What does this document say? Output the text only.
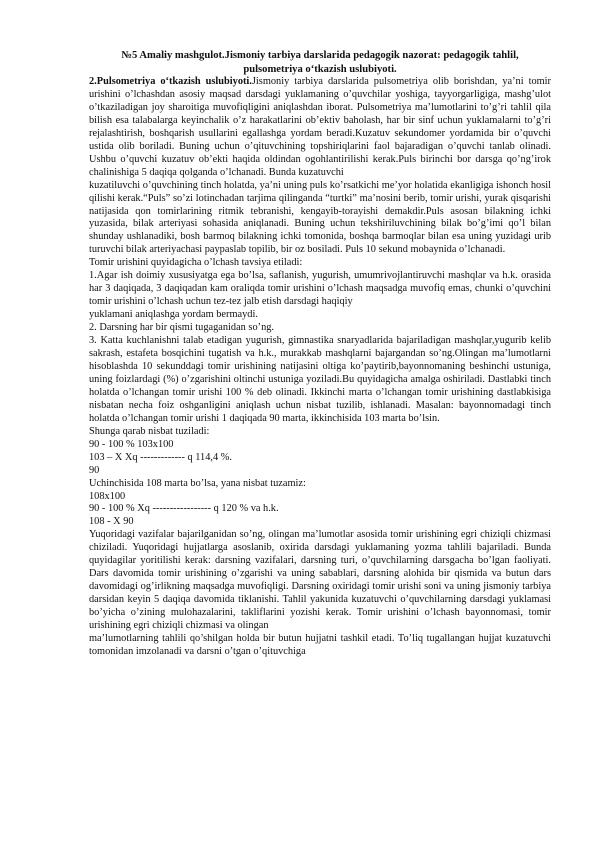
№5 Amaliy mashgulot.Jismoniy tarbiya darslarida pedagogik nazorat: pedagogik tahlil,
pulsometriya o‘tkazish uslubiyoti.

2.Pulsometriya o‘tkazish uslubiyoti.Jismoniy tarbiya darslarida pulsometriya olib borishdan, ya’ni tomir urishini o’lchashdan asosiy maqsad darsdagi yuklamaning o’quvchilar yoshiga, tayyorgarligiga, mashg’ulot o’tkaziladigan joy sharoitiga muvofiqligini aniqlashdan iborat. Pulsometriya ma’lumotlarini to’g’ri tahlil qila bilish esa talabalarga keyinchalik o’z harakatlarini ob’ektiv baholash, har bir sinf uchun yuklamalarni to’g’ri rejalashtirish, boshqarish usullarini egallashga yordam beradi.Kuzatuv sekundomer yordamida bir o’quvchi ustida olib boriladi. Buning uchun o’qituvchining topshiriqlarini faol bajaradigan o’quvchi tanlab olinadi. Ushbu o’quvchi kuzatuv ob’ekti haqida oldindan ogohlantirilishi kerak.Puls birinchi bor darsga qo’ng’irok chalinishiga 5 daqiqa qolganda o’lchanadi. Bunda kuzatuvchi

kuzatiluvchi o’quvchining tinch holatda, ya’ni uning puls ko’rsatkichi me’yor holatida ekanligiga ishonch hosil qilishi kerak.“Puls” so’zi lotinchadan tarjima qilinganda “turtki” ma’nosini berib, tomir urishi, yurak qisqarishi natijasida qon tomirlarining ritmik tebranishi, kengayib-torayishi demakdir.Puls asosan bilakning ichki yuzasida, bilak arteriyasi sohasida aniqlanadi. Buning uchun tekshiriluvchining bilak bo’g’imi qo’l bilan shunday ushlanadiki, bosh barmoq bilakning ichki tomonida, boshqa barmoqlar bilan esa uning yuzidagi urib turuvchi bilak arteriyachasi paypaslab topilib, bir oz bosiladi. Puls 10 sekund mobaynida o’lchanadi.

Tomir urishini quyidagicha o’lchash tavsiya etiladi:

1.Agar ish doimiy xususiyatga ega bo’lsa, saflanish, yugurish, umumrivojlantiruvchi mashqlar va h.k. orasida har 3 daqiqada, 3 daqiqadan kam oraliqda tomir urishini o’lchash maqsadga muvofiq emas, chunki o’quvchini tomir urishini o’lchash uchun tez-tez jalb etish darsdagi haqiqiy

yuklamani aniqlashga yordam bermaydi.

2. Darsning har bir qismi tugaganidan so’ng.

3. Katta kuchlanishni talab etadigan yugurish, gimnastika snaryadlarida bajariladigan mashqlar,yugurib kelib sakrash, estafeta bosqichini tugatish va h.k., murakkab mashqlarni bajargandan so’ng.Olingan ma’lumotlarni hisoblashda 10 sekunddagi tomir urishining natijasini oltiga ko’paytirib,bayonnomaning beshinchi ustuniga, uning foizlardagi (%) o’zgarishini oltinchi ustuniga yoziladi.Bu quyidagicha amalga oshiriladi. Dastlabki tinch holatda o’lchangan tomir urishi 100 % deb olinadi. Ikkinchi marta o’lchangan tomir urishining dastlabkisiga nisbatan necha foiz oshganligini aniqlash uchun nisbat tuzilib, ishlanadi. Masalan: bayonnomadagi tinch holatda o’lchangan tomir urishi 1 daqiqada 90 marta, ikkinchisida 103 marta bo’lsin.

Shunga qarab nisbat tuziladi:

90 - 100 % 103x100

103 – X Xq ------------- q 114,4 %.

90

Uchinchisida 108 marta bo’lsa, yana nisbat tuzamiz:

108x100

90 - 100 % Xq ----------------- q 120 % va h.k.

108 - X 90

Yuqoridagi vazifalar bajarilganidan so’ng, olingan ma’lumotlar asosida tomir urishining egri chiziqli chizmasi chiziladi. Yuqoridagi hujjatlarga asoslanib, oxirida darsdagi yuklamaning yozma tahlili bajariladi. Bunda quyidagilar yoritilishi kerak: darsning vazifalari, darsning turi, o’quvchilarning darsgacha bo’lgan faoliyati. Dars davomida tomir urishining o’zgarishi va uning sabablari, darsning alohida bir qismida va butun dars davomidagi og’irlikning maqsadga muvofiqligi. Darsning oxiridagi tomir urishi soni va uning jismoniy tarbiya darsidan keyin 5 daqiqa davomida tiklanishi. Tahlil yakunida kuzatuvchi o’quvchilarning darsdagi yuklamasi bo’yicha o’zining mulohazalarini, takliflarini yozishi kerak. Tomir urishini o’lchash bayonnomasi, tomir urishining egri chiziqli chizmasi va olingan

ma’lumotlarning tahlili qo’shilgan holda bir butun hujjatni tashkil etadi. To’liq tugallangan hujjat kuzatuvchi tomonidan imzolanadi va darsni o’tgan o’qituvchiga
